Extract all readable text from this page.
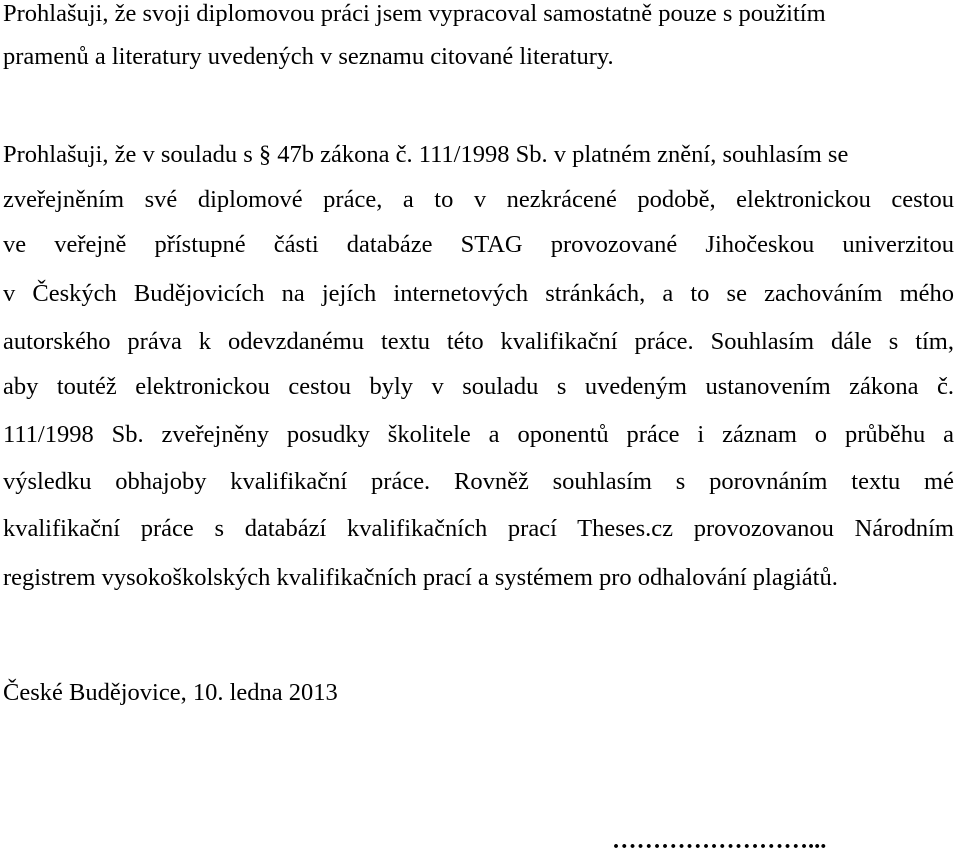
Prohlašuji, že svoji diplomovou práci jsem vypracoval samostatně pouze s použitím

pramenů a literatury uvedených v seznamu citované literatury.

Prohlašuji, že v souladu s § 47b zákona č. 111/1998 Sb. v platném znění, souhlasím se

zveřejněním své diplomové práce, a to v nezkrácené podobě, elektronickou cestou

ve veřejně přístupné části databáze STAG provozované Jihočeskou univerzitou

v Českých Budějovicích na jejích internetových stránkách, a to se zachováním mého

autorského práva k odevzdanému textu této kvalifikační práce. Souhlasím dále s tím,

aby toutéž elektronickou cestou byly v souladu s uvedeným ustanovením zákona č.

111/1998 Sb. zveřejněny posudky školitele a oponentů práce i záznam o průběhu a

výsledku obhajoby kvalifikační práce. Rovněž souhlasím s porovnáním textu mé

kvalifikační práce s databází kvalifikačních prací Theses.cz provozovanou Národním

registrem vysokoškolských kvalifikačních prací a systémem pro odhalování plagiátů.

České Budějovice, 10. ledna 2013

……………………...
